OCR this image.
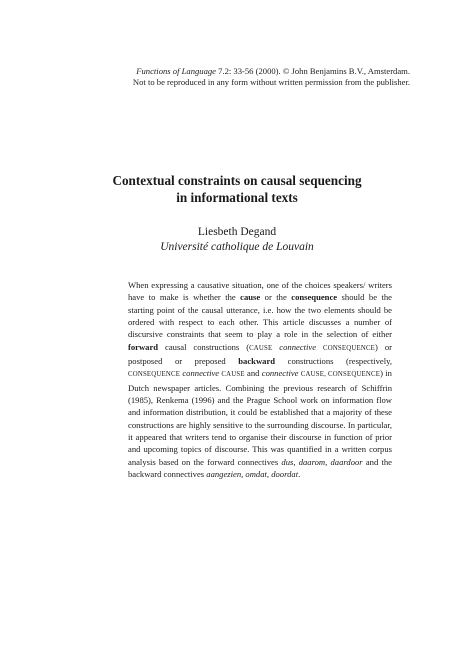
Functions of Language 7.2: 33-56 (2000). © John Benjamins B.V., Amsterdam.
Not to be reproduced in any form without written permission from the publisher.
Contextual constraints on causal sequencing
in informational texts
Liesbeth Degand
Université catholique de Louvain
When expressing a causative situation, one of the choices speakers/ writers have to make is whether the cause or the consequence should be the starting point of the causal utterance, i.e. how the two elements should be ordered with respect to each other. This article discusses a number of discursive constraints that seem to play a role in the selection of either forward causal constructions (CAUSE connective CONSEQUENCE) or postposed or preposed backward constructions (respectively, CONSEQUENCE connective CAUSE and connective CAUSE, CONSEQUENCE) in Dutch newspaper articles. Combining the previous research of Schiffrin (1985), Renkema (1996) and the Prague School work on information flow and information distribution, it could be established that a majority of these constructions are highly sensitive to the surrounding discourse. In particular, it appeared that writers tend to organise their discourse in function of prior and upcoming topics of discourse. This was quantified in a written corpus analysis based on the forward connectives dus, daarom, daardoor and the backward connectives aangezien, omdat, doordat.
